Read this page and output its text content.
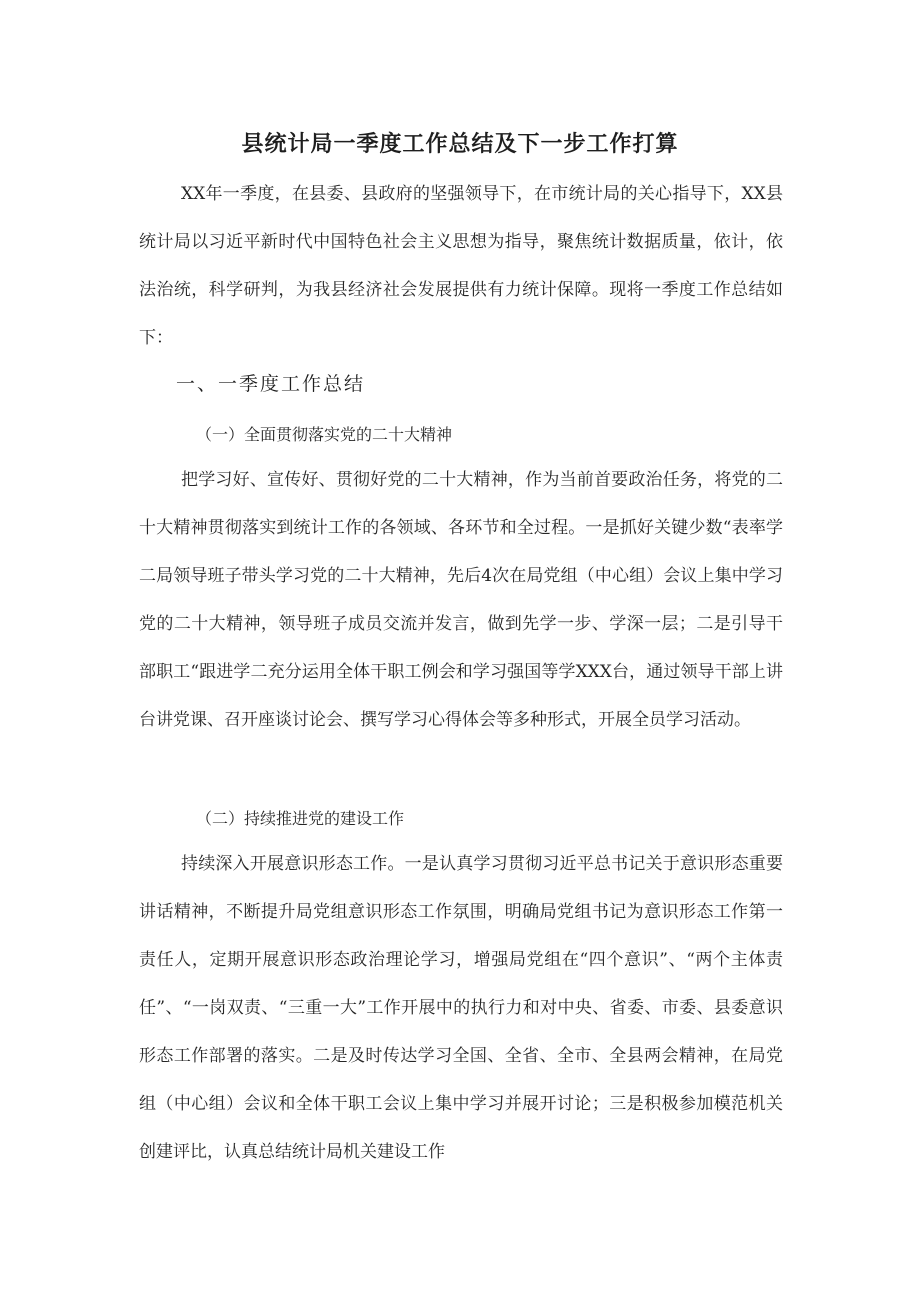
县统计局一季度工作总结及下一步工作打算

XX年一季度，在县委、县政府的坚强领导下，在市统计局的关心指导下，XX县统计局以习近平新时代中国特色社会主义思想为指导，聚焦统计数据质量，依计，依法治统，科学研判，为我县经济社会发展提供有力统计保障。现将一季度工作总结如下：

一、一季度工作总结
（一）全面贯彻落实党的二十大精神

把学习好、宣传好、贯彻好党的二十大精神，作为当前首要政治任务，将党的二十大精神贯彻落实到统计工作的各领域、各环节和全过程。一是抓好关键少数“表率学二局领导班子带头学习党的二十大精神，先后4次在局党组（中心组）会议上集中学习党的二十大精神，领导班子成员交流并发言，做到先学一步、学深一层；二是引导干部职工“跟进学二充分运用全体干职工例会和学习强国等学XXX台，通过领导干部上讲台讲党课、召开座谈讨论会、撰写学习心得体会等多种形式，开展全员学习活动。

（二）持续推进党的建设工作

持续深入开展意识形态工作。一是认真学习贯彻习近平总书记关于意识形态重要讲话精神，不断提升局党组意识形态工作氛围，明确局党组书记为意识形态工作第一责任人，定期开展意识形态政治理论学习，增强局党组在“四个意识”、“两个主体责任”、“一岗双责、“三重一大”工作开展中的执行力和对中央、省委、市委、县委意识形态工作部署的落实。二是及时传达学习全国、全省、全市、全县两会精神，在局党组（中心组）会议和全体干职工会议上集中学习并展开讨论；三是积极参加模范机关创建评比，认真总结统计局机关建设工作
